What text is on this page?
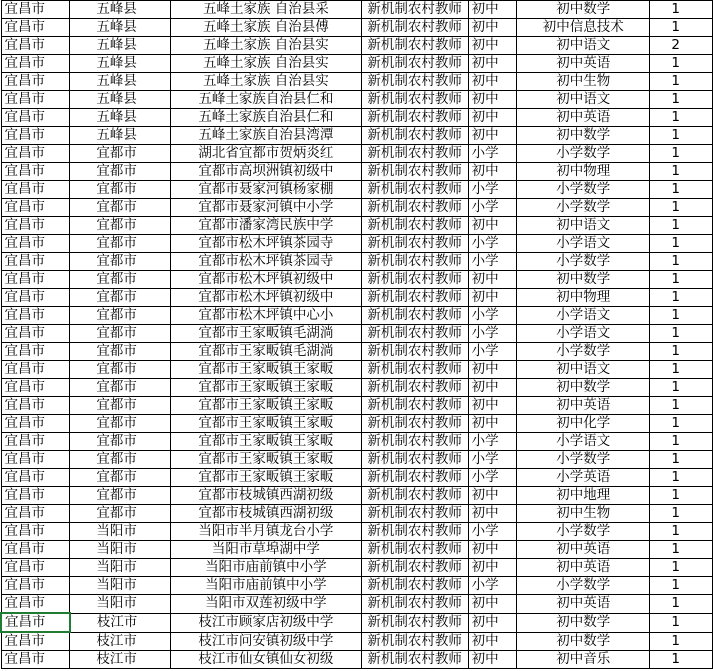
宜昌市	五峰县	五峰土家族 自治县采	新机制农村教师	初中	初中数学	1
宜昌市	五峰县	五峰土家族 自治县傅	新机制农村教师	初中	初中信息技术	1
宜昌市	五峰县	五峰土家族 自治县实	新机制农村教师	初中	初中语文	2
宜昌市	五峰县	五峰土家族 自治县实	新机制农村教师	初中	初中英语	1
宜昌市	五峰县	五峰土家族 自治县实	新机制农村教师	初中	初中生物	1
宜昌市	五峰县	五峰土家族自治县仁和	新机制农村教师	初中	初中语文	1
宜昌市	五峰县	五峰土家族自治县仁和	新机制农村教师	初中	初中英语	1
宜昌市	五峰县	五峰土家族自治县湾潭	新机制农村教师	初中	初中数学	1
宜昌市	宜都市	湖北省宜都市贺炳炎红	新机制农村教师	小学	小学数学	1
宜昌市	宜都市	宜都市高坝洲镇初级中	新机制农村教师	初中	初中物理	1
宜昌市	宜都市	宜都市聂家河镇杨家棚	新机制农村教师	小学	小学数学	1
宜昌市	宜都市	宜都市聂家河镇中小学	新机制农村教师	小学	小学数学	1
宜昌市	宜都市	宜都市潘家湾民族中学	新机制农村教师	初中	初中语文	1
宜昌市	宜都市	宜都市松木坪镇茶园寺	新机制农村教师	小学	小学语文	1
宜昌市	宜都市	宜都市松木坪镇茶园寺	新机制农村教师	小学	小学数学	1
宜昌市	宜都市	宜都市松木坪镇初级中	新机制农村教师	初中	初中数学	1
宜昌市	宜都市	宜都市松木坪镇初级中	新机制农村教师	初中	初中物理	1
宜昌市	宜都市	宜都市松木坪镇中心小	新机制农村教师	小学	小学语文	1
宜昌市	宜都市	宜都市王家畈镇毛湖淌	新机制农村教师	小学	小学语文	1
宜昌市	宜都市	宜都市王家畈镇毛湖淌	新机制农村教师	小学	小学数学	1
宜昌市	宜都市	宜都市王家畈镇王家畈	新机制农村教师	初中	初中语文	1
宜昌市	宜都市	宜都市王家畈镇王家畈	新机制农村教师	初中	初中数学	1
宜昌市	宜都市	宜都市王家畈镇王家畈	新机制农村教师	初中	初中英语	1
宜昌市	宜都市	宜都市王家畈镇王家畈	新机制农村教师	初中	初中化学	1
宜昌市	宜都市	宜都市王家畈镇王家畈	新机制农村教师	小学	小学语文	1
宜昌市	宜都市	宜都市王家畈镇王家畈	新机制农村教师	小学	小学数学	1
宜昌市	宜都市	宜都市王家畈镇王家畈	新机制农村教师	小学	小学英语	1
宜昌市	宜都市	宜都市枝城镇西湖初级	新机制农村教师	初中	初中地理	1
宜昌市	宜都市	宜都市枝城镇西湖初级	新机制农村教师	初中	初中生物	1
宜昌市	当阳市	当阳市半月镇龙台小学	新机制农村教师	小学	小学数学	1
宜昌市	当阳市	当阳市草埠湖中学	新机制农村教师	初中	初中英语	1
宜昌市	当阳市	当阳市庙前镇中小学	新机制农村教师	初中	初中英语	1
宜昌市	当阳市	当阳市庙前镇中小学	新机制农村教师	小学	小学数学	1
宜昌市	当阳市	当阳市双莲初级中学	新机制农村教师	初中	初中英语	1
宜昌市	枝江市	枝江市顾家店初级中学	新机制农村教师	初中	初中数学	1
宜昌市	枝江市	枝江市问安镇初级中学	新机制农村教师	初中	初中数学	1
宜昌市	枝江市	枝江市仙女镇仙女初级	新机制农村教师	初中	初中音乐	1
